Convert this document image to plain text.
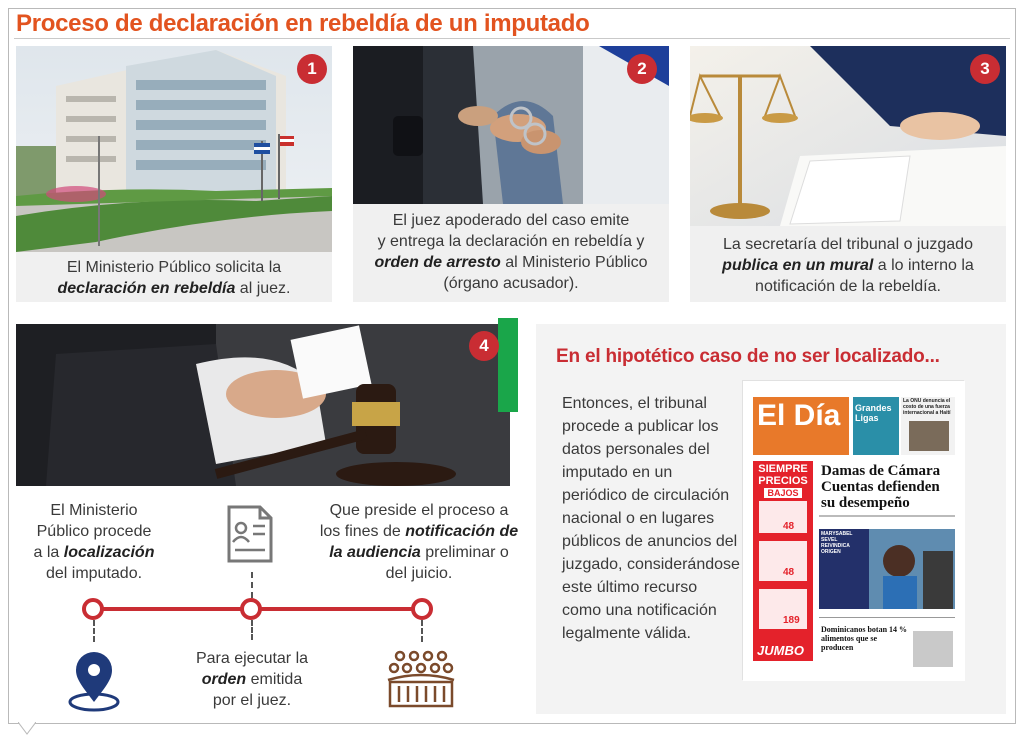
Proceso de declaración en rebeldía de un imputado
1
El Ministerio Público solicita la
declaración en rebeldía al juez.
2
El juez apoderado del caso emite
y entrega la declaración en rebeldía y
orden de arresto al Ministerio Público
(órgano acusador).
3
La secretaría del tribunal o juzgado
publica en un mural a lo interno la
notificación de la rebeldía.
4
El Ministerio
Público procede
a la localización
del imputado.
Que preside el proceso a
los fines de notificación de
la audiencia preliminar o
del juicio.
Para ejecutar la
orden emitida
por el juez.
En el hipotético caso de no ser localizado...
Entonces, el tribunal procede a publicar los datos personales del imputado en un periódico de circulación nacional o en lugares públicos de anuncios del juzgado, considerándose este último recurso como una notificación legalmente válida.
El Día Grandes Ligas
La ONU denuncia el costo de una fuerza internacional a Haití
SIEMPRE
PRECIOS
BAJOS
48
48
189
JUMBO
Damas de Cámara
Cuentas defienden
su desempeño
MARYSABEL SEVEL REIVINDICA ORIGEN
Dominicanos botan 14 % alimentos que se producen
